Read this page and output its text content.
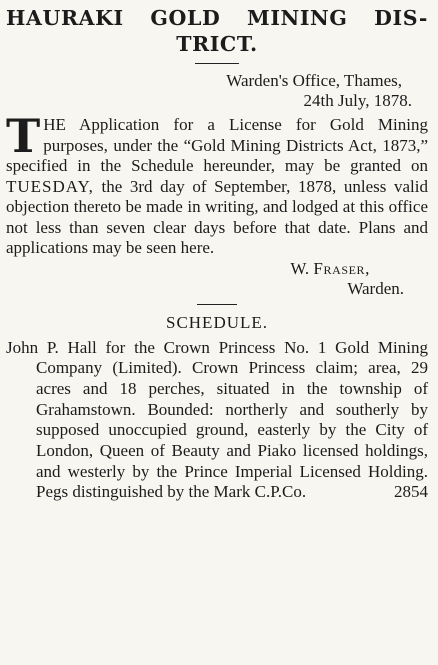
HAURAKI GOLD MINING DIS-

TRICT.

Warden's Office, Thames,

24th July, 1878.

THE Application for a License for Gold Mining purposes, under the “Gold Mining Districts Act, 1873,” specified in the Schedule hereunder, may be granted on TUESDAY, the 3rd day of September, 1878, unless valid objection thereto be made in writing, and lodged at this office not less than seven clear days before that date. Plans and applications may be seen here.

W. Fraser,

Warden.

SCHEDULE.

John P. Hall for the Crown Princess No. 1 Gold Mining Company (Limited). Crown Princess claim; area, 29 acres and 18 perches, situated in the township of Grahamstown. Bounded: northerly and southerly by supposed unoccupied ground, easterly by the City of London, Queen of Beauty and Piako licensed holdings, and westerly by the Prince Imperial Licensed Holding. Pegs distinguished by the Mark C.P.Co.	2854
